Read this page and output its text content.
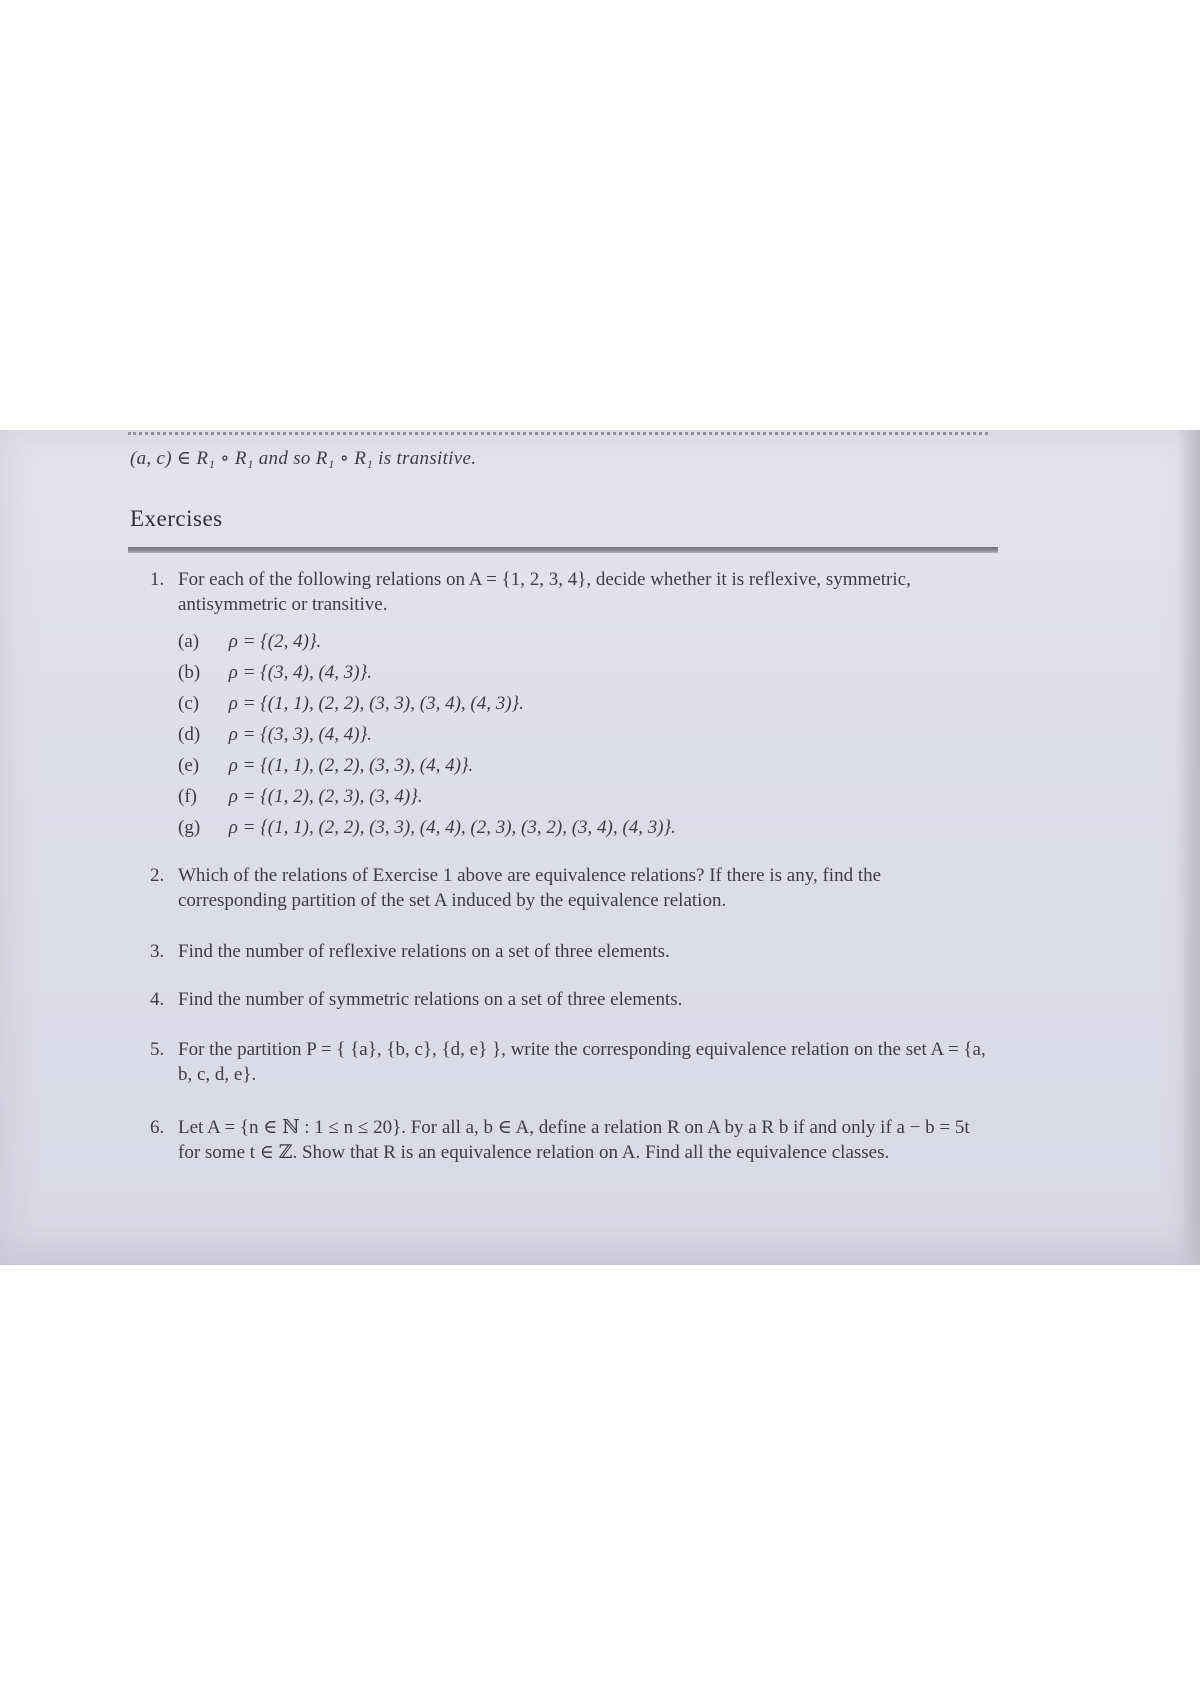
(a, c) ∈ R₁ ∘ R₁ and so R₁ ∘ R₁ is transitive.
Exercises
1. For each of the following relations on A = {1, 2, 3, 4}, decide whether it is reflexive, symmetric, antisymmetric or transitive.
(a) ρ = {(2, 4)}.
(b) ρ = {(3, 4), (4, 3)}.
(c) ρ = {(1, 1), (2, 2), (3, 3), (3, 4), (4, 3)}.
(d) ρ = {(3, 3), (4, 4)}.
(e) ρ = {(1, 1), (2, 2), (3, 3), (4, 4)}.
(f) ρ = {(1, 2), (2, 3), (3, 4)}.
(g) ρ = {(1, 1), (2, 2), (3, 3), (4, 4), (2, 3), (3, 2), (3, 4), (4, 3)}.
2. Which of the relations of Exercise 1 above are equivalence relations? If there is any, find the corresponding partition of the set A induced by the equivalence relation.
3. Find the number of reflexive relations on a set of three elements.
4. Find the number of symmetric relations on a set of three elements.
5. For the partition P = { {a}, {b, c}, {d, e} }, write the corresponding equivalence relation on the set A = {a, b, c, d, e}.
6. Let A = {n ∈ ℕ : 1 ≤ n ≤ 20}. For all a, b ∈ A, define a relation R on A by a R b if and only if a − b = 5t for some t ∈ ℤ. Show that R is an equivalence relation on A. Find all the equivalence classes.
